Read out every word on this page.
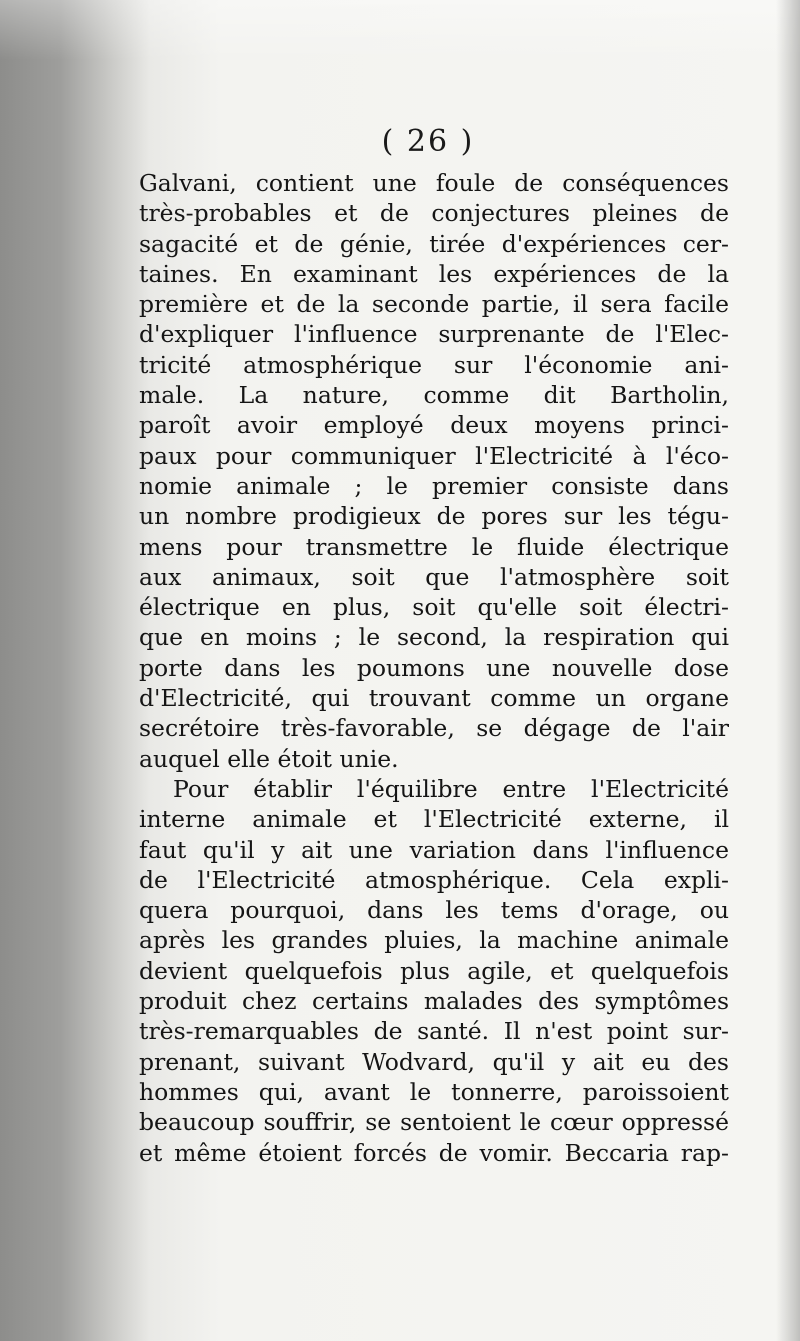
( 26 )
Galvani, contient une foule de conséquences
très-probables et de conjectures pleines de
sagacité et de génie, tirée d'expériences cer-
taines. En examinant les expériences de la
première et de la seconde partie, il sera facile
d'expliquer l'influence surprenante de l'Elec-
tricité atmosphérique sur l'économie ani-
male. La nature, comme dit Bartholin,
paroît avoir employé deux moyens princi-
paux pour communiquer l'Electricité à l'éco-
nomie animale ; le premier consiste dans
un nombre prodigieux de pores sur les tégu-
mens pour transmettre le fluide électrique
aux animaux, soit que l'atmosphère soit
électrique en plus, soit qu'elle soit électri-
que en moins ; le second, la respiration qui
porte dans les poumons une nouvelle dose
d'Electricité, qui trouvant comme un organe
secrétoire très-favorable, se dégage de l'air
auquel elle étoit unie.
Pour établir l'équilibre entre l'Electricité
interne animale et l'Electricité externe, il
faut qu'il y ait une variation dans l'influence
de l'Electricité atmosphérique. Cela expli-
quera pourquoi, dans les tems d'orage, ou
après les grandes pluies, la machine animale
devient quelquefois plus agile, et quelquefois
produit chez certains malades des symptômes
très-remarquables de santé. Il n'est point sur-
prenant, suivant Wodvard, qu'il y ait eu des
hommes qui, avant le tonnerre, paroissoient
beaucoup souffrir, se sentoient le cœur oppressé
et même étoient forcés de vomir. Beccaria rap-
